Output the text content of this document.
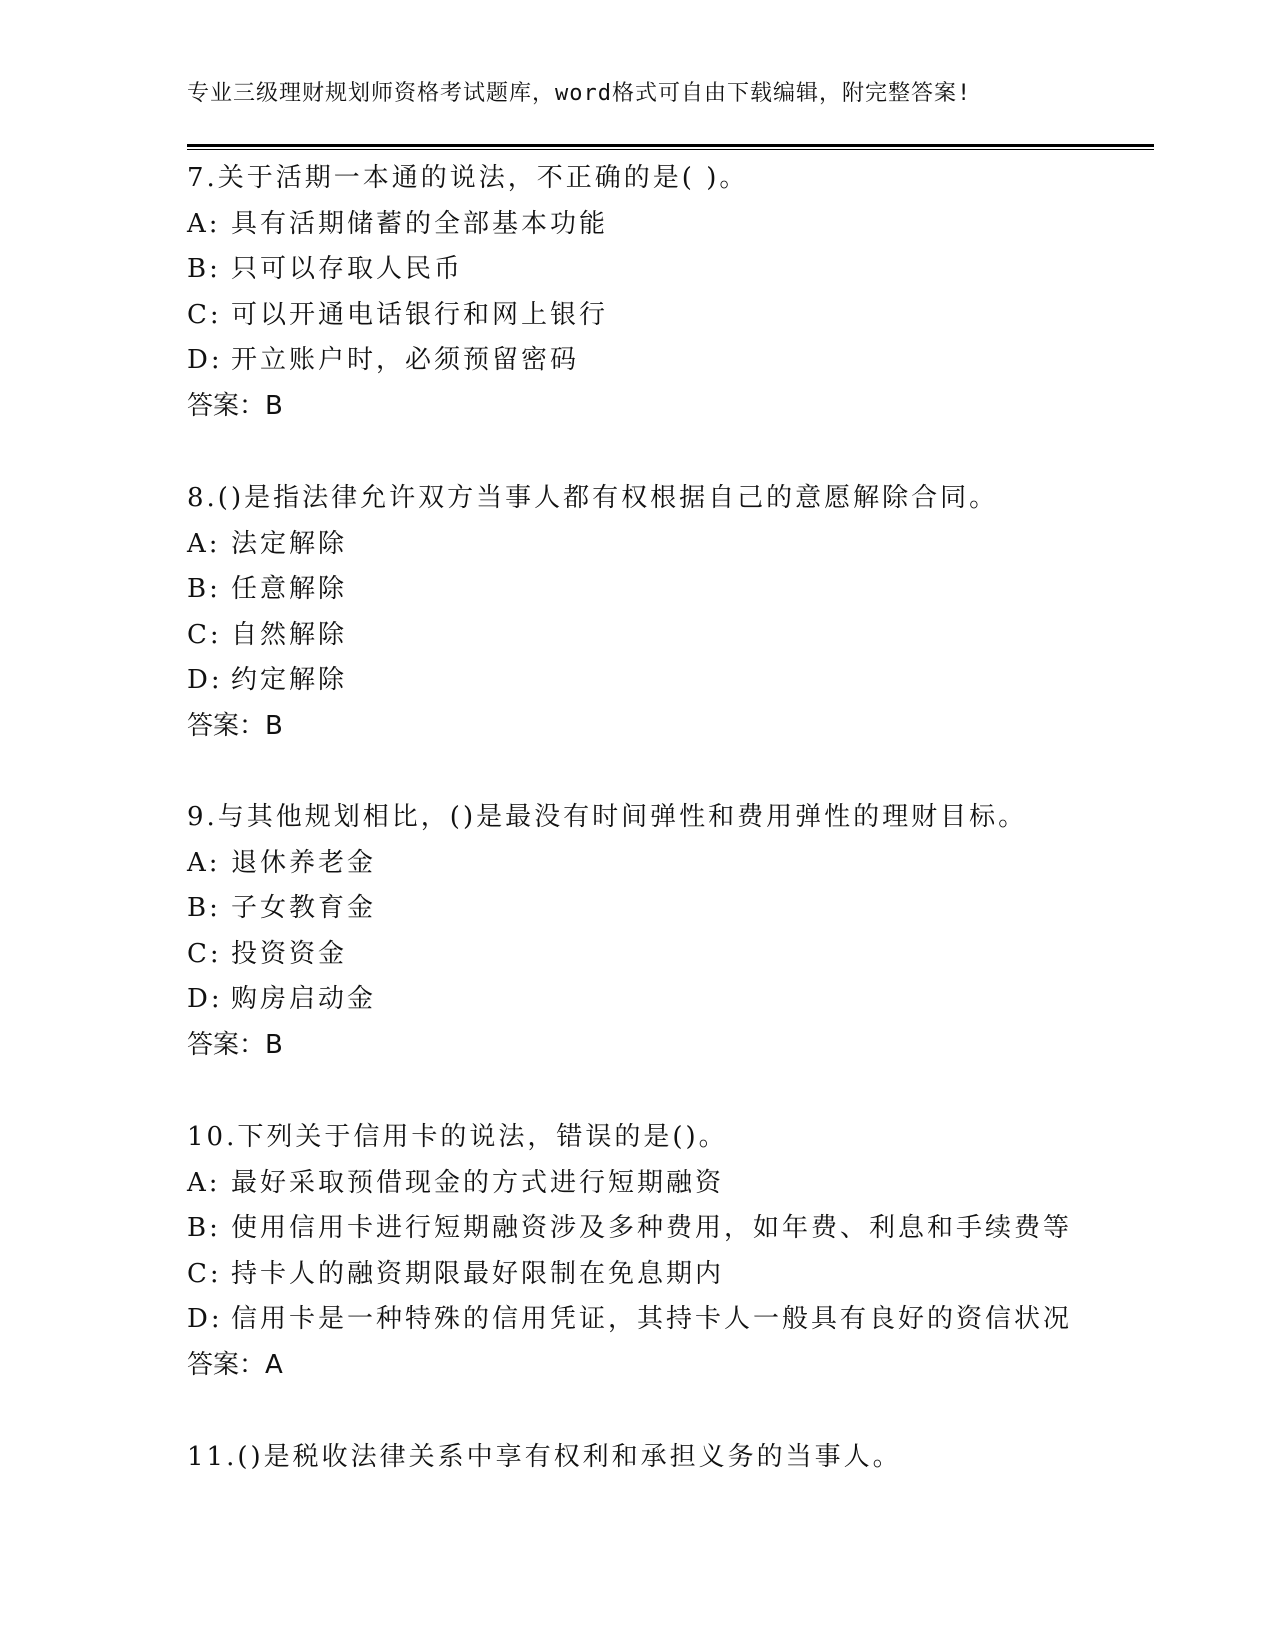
专业三级理财规划师资格考试题库，word格式可自由下载编辑，附完整答案!
7.关于活期一本通的说法，不正确的是( )。
A: 具有活期储蓄的全部基本功能
B: 只可以存取人民币
C: 可以开通电话银行和网上银行
D: 开立账户时，必须预留密码
答案：B
8.()是指法律允许双方当事人都有权根据自己的意愿解除合同。
A: 法定解除
B: 任意解除
C: 自然解除
D: 约定解除
答案：B
9.与其他规划相比，()是最没有时间弹性和费用弹性的理财目标。
A: 退休养老金
B: 子女教育金
C: 投资资金
D: 购房启动金
答案：B
10.下列关于信用卡的说法，错误的是()。
A: 最好采取预借现金的方式进行短期融资
B: 使用信用卡进行短期融资涉及多种费用，如年费、利息和手续费等
C: 持卡人的融资期限最好限制在免息期内
D: 信用卡是一种特殊的信用凭证，其持卡人一般具有良好的资信状况
答案：A
11.()是税收法律关系中享有权利和承担义务的当事人。
